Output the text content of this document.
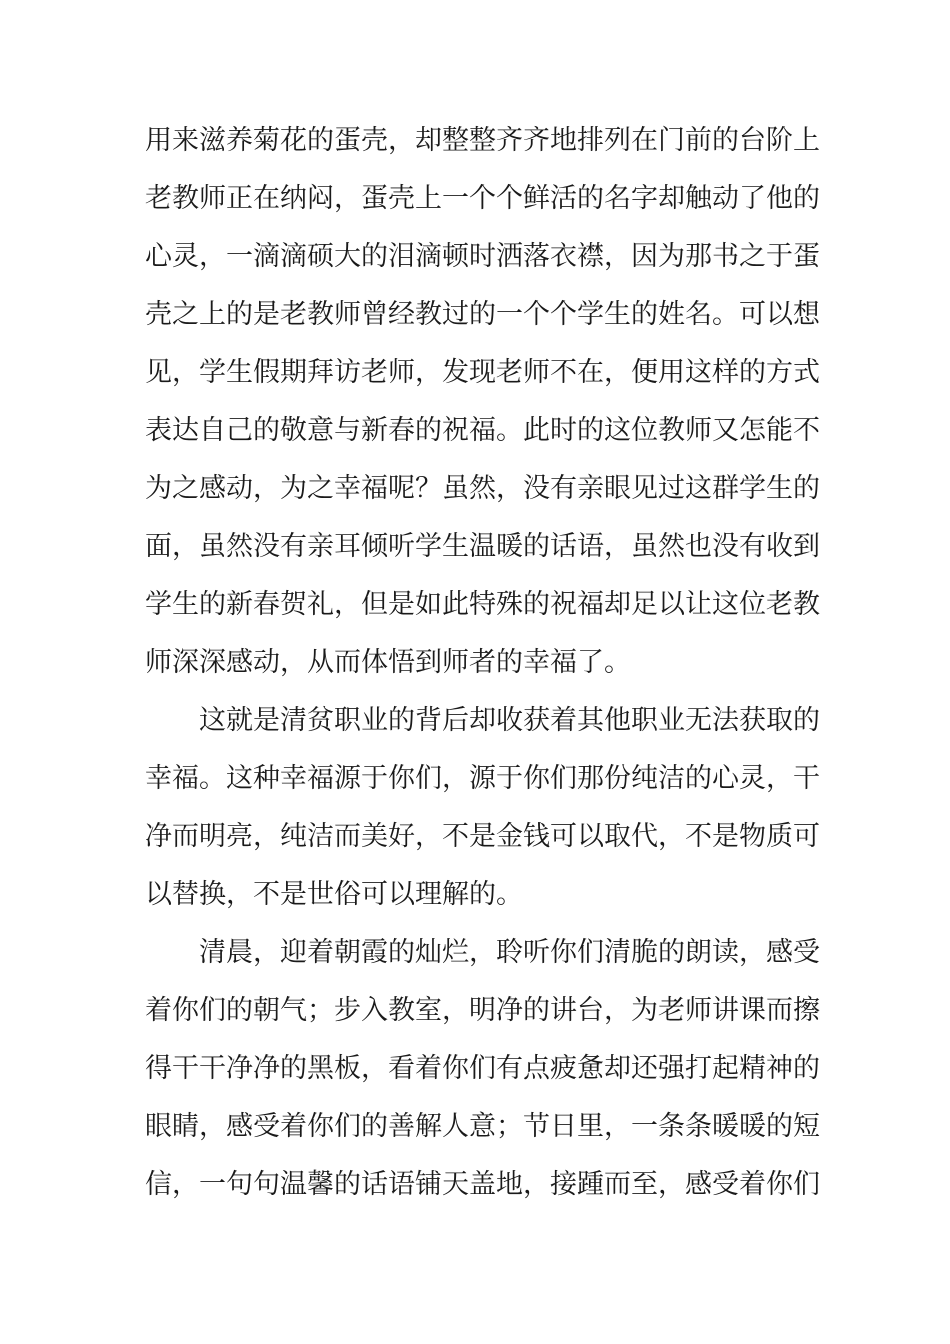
用来滋养菊花的蛋壳，却整整齐齐地排列在门前的台阶上
老教师正在纳闷，蛋壳上一个个鲜活的名字却触动了他的
心灵，一滴滴硕大的泪滴顿时洒落衣襟，因为那书之于蛋
壳之上的是老教师曾经教过的一个个学生的姓名。可以想
见，学生假期拜访老师，发现老师不在，便用这样的方式
表达自己的敬意与新春的祝福。此时的这位教师又怎能不
为之感动，为之幸福呢？虽然，没有亲眼见过这群学生的
面，虽然没有亲耳倾听学生温暖的话语，虽然也没有收到
学生的新春贺礼，但是如此特殊的祝福却足以让这位老教
师深深感动，从而体悟到师者的幸福了。
这就是清贫职业的背后却收获着其他职业无法获取的
幸福。这种幸福源于你们，源于你们那份纯洁的心灵，干
净而明亮，纯洁而美好，不是金钱可以取代，不是物质可
以替换，不是世俗可以理解的。
清晨，迎着朝霞的灿烂，聆听你们清脆的朗读，感受
着你们的朝气；步入教室，明净的讲台，为老师讲课而擦
得干干净净的黑板，看着你们有点疲惫却还强打起精神的
眼睛，感受着你们的善解人意；节日里，一条条暖暖的短
信，一句句温馨的话语铺天盖地，接踵而至，感受着你们
